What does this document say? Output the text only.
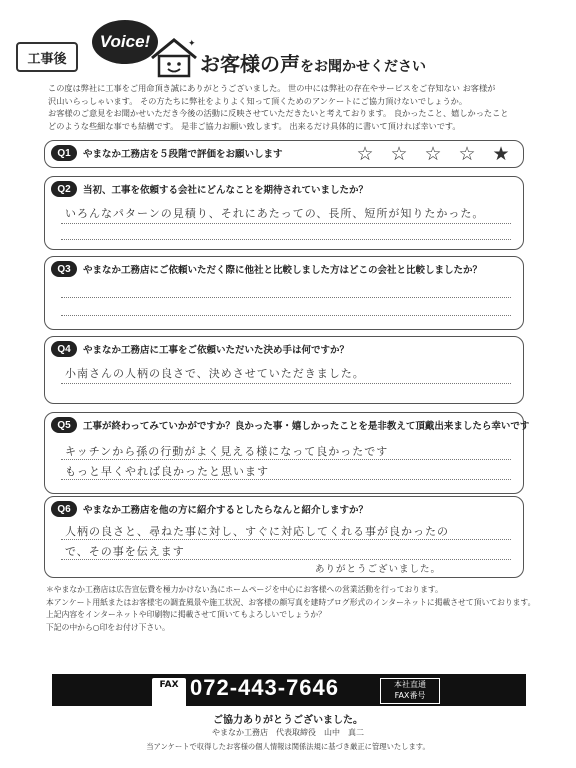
工事後
Voice!	✦
お客様の声をお聞かせください

この度は弊社に工事をご用命頂き誠にありがとうございました。 世の中には弊社の存在やサービスをご存知ない お客様が

沢山いらっしゃいます。 その方たちに弊社をよりよく知って頂くためのアンケートにご協力頂けないでしょうか。

お客様のご意見をお聞かせいただき今後の活動に反映させていただきたいと考えております。 良かったこと、嬉しかったこと

どのような些細な事でも結構です。 是非ご協力お願い致します。 出来るだけ具体的に書いて頂ければ幸いです。

Q1	やまなか工務店を５段階で評価をお願いします	☆ ☆ ☆ ☆ ★
Q2	当初、工事を依頼する会社にどんなことを期待されていましたか？
いろんなパターンの見積り、それにあたっての、長所、短所が知りたかった。
Q3	やまなか工務店にご依頼いただく際に他社と比較しました方はどこの会社と比較しましたか？
Q4	やまなか工務店に工事をご依頼いただいた決め手は何ですか？
小南さんの人柄の良さで、決めさせていただきました。
Q5	工事が終わってみていかがですか？良かった事・嬉しかったことを是非教えて頂戴出来ましたら幸いです
キッチンから孫の行動がよく見える様になって良かったです
もっと早くやれば良かったと思います
Q6	やまなか工務店を他の方に紹介するとしたらなんと紹介しますか？
人柄の良さと、尋ねた事に対し、すぐに対応してくれる事が良かったの
で、その事を伝えます
ありがとうございました。

＊やまなか工務店は広告宣伝費を極力かけない為にホームページを中心にお客様への営業活動を行っております。

本アンケート用紙またはお客様宅の調査風景や施工状況、お客様の顔写真を建時ブログ形式のインターネットに掲載させて頂いております。

上記内容をインターネットや印刷物に掲載させて頂いてもよろしいでしょうか？

下記の中から○印をお付け下さい。

FAX 072-443-7646	本社直通
FAX番号
ご協力ありがとうございました。
やまなか工務店　代表取締役　山中　真二
当アンケートで収得したお客様の個人情報は関係法規に基づき厳正に管理いたします。
